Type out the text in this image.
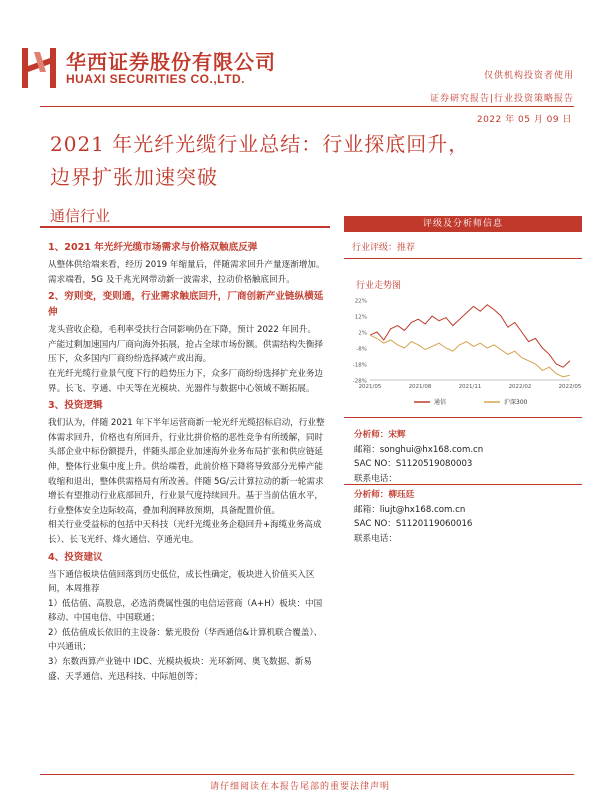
华西证券股份有限公司
HUAXI SECURITIES CO.,LTD.	仅供机构投资者使用
证券研究报告|行业投资策略报告
2022 年 05 月 09 日
2021 年光纤光缆行业总结：行业探底回升，
边界扩张加速突破
通信行业
1、2021 年光纤光缆市场需求与价格双触底反弹

从整体供给端来看，经历 2019 年缩量后，伴随需求回升产量逐渐增加。需求端看，5G 及千兆光网带动新一波需求，拉动价格触底回升。

2、穷则变，变则通，行业需求触底回升，厂商创新产业链纵横延伸

龙头营收企稳，毛利率受扶行合同影响仍在下降，预计 2022 年回升。

产能过剩加速国内厂商向海外拓展，抢占全球市场份额。供需结构失衡择压下，众多国内厂商纷纷选择减产或出海。

在光纤光缆行业景气度下行的趋势压力下，众多厂商纷纷选择扩充业务边界。长飞、亨通、中天等在光模块、光器件与数据中心领域不断拓展。

3、投资逻辑

我们认为，伴随 2021 年下半年运营商新一轮光纤光缆招标启动，行业整体需求回升，价格也有所回升，行业比拼价格的恶性竞争有所缓解，同时头部企业中标份额提升，伴随头部企业加速海外业务布局扩张和供应链延伸，整体行业集中度上升。供给端看，此前价格下降将导致部分光棒产能收缩和退出，整体供需格局有所改善。伴随 5G/云计算拉动的新一轮需求增长有望推动行业底部回升，行业景气度持续回升。基于当前估值水平，行业整体安全边际较高，叠加利润释放预期，具备配置价值。

相关行业受益标的包括中天科技（光纤光缆业务企稳回升+海缆业务高成长）、长飞光纤、烽火通信、亨通光电。

4、投资建议

当下通信板块估值回落到历史低位，成长性确定，板块进入价值买入区间，本周推荐

1）低估值、高股息，必选消费属性强的电信运营商（A+H）板块：中国移动、中国电信、中国联通；

2）低估值成长依旧的主设备：紫光股份（华西通信&计算机联合覆盖）、中兴通讯；

3）东数西算产业链中 IDC、光模块板块：光环新网、奥飞数据、新易盛、天孚通信、光迅科技、中际旭创等；

评级及分析师信息
行业评级：推荐
行业走势图
22%
12%
2%
-8%
-18%
-28%
2021/05	2021/08	2021/11	2022/02	2022/05
通信	沪深300
分析师：宋辉
邮箱：songhui@hx168.com.cn
SAC NO：S1120519080003
联系电话：
分析师：柳珏廷
邮箱：liujt@hx168.com.cn
SAC NO：S1120119060016
联系电话：
请仔细阅读在本报告尾部的重要法律声明
